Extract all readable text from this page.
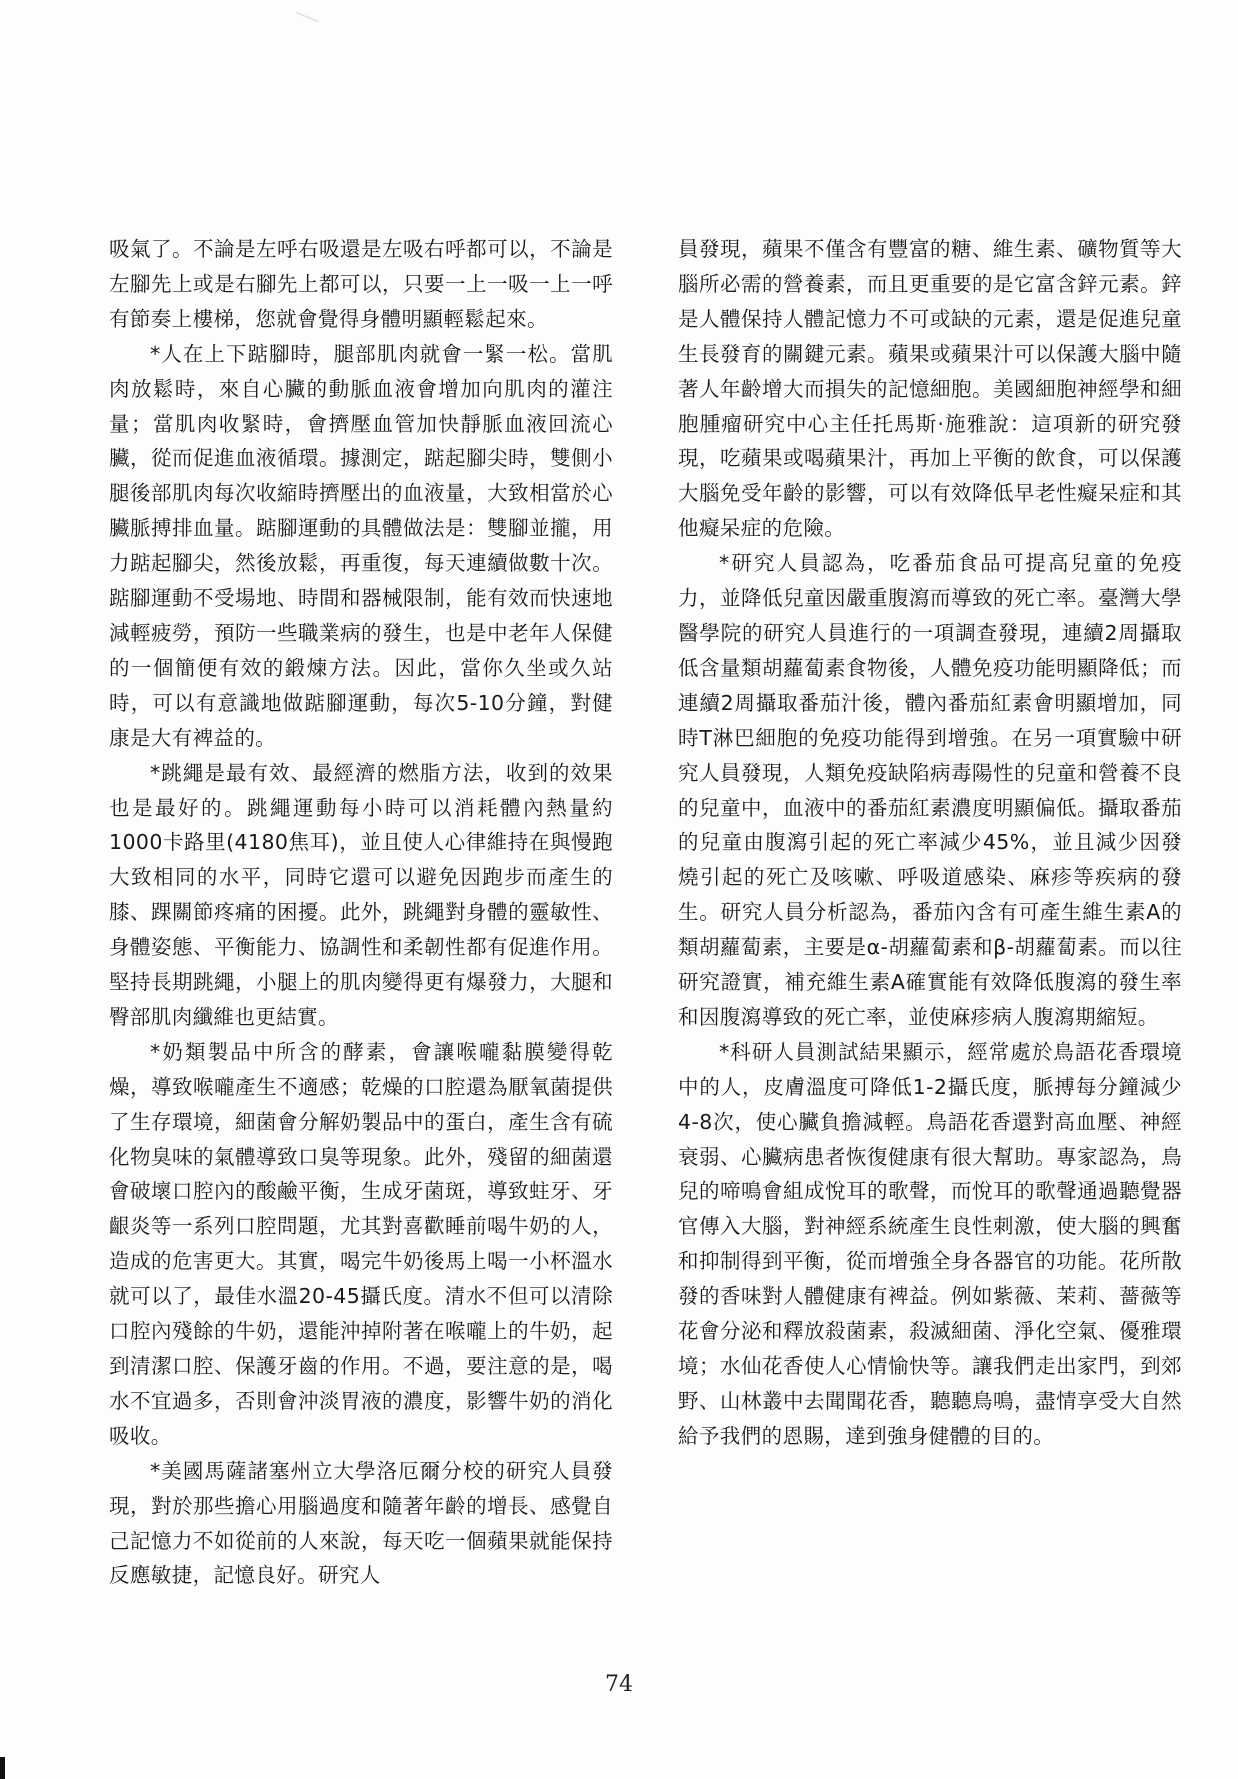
吸氣了。不論是左呼右吸還是左吸右呼都可以，不論是左腳先上或是右腳先上都可以，只要一上一吸一上一呼有節奏上樓梯，您就會覺得身體明顯輕鬆起來。

*人在上下踮腳時，腿部肌肉就會一緊一松。當肌肉放鬆時，來自心臟的動脈血液會增加向肌肉的灌注量；當肌肉收緊時，會擠壓血管加快靜脈血液回流心臟，從而促進血液循環。據測定，踮起腳尖時，雙側小腿後部肌肉每次收縮時擠壓出的血液量，大致相當於心臟脈搏排血量。踮腳運動的具體做法是：雙腳並攏，用力踮起腳尖，然後放鬆，再重復，每天連續做數十次。踮腳運動不受場地、時間和器械限制，能有效而快速地減輕疲勞，預防一些職業病的發生，也是中老年人保健的一個簡便有效的鍛煉方法。因此，當你久坐或久站時，可以有意識地做踮腳運動，每次5-10分鐘，對健康是大有裨益的。

*跳繩是最有效、最經濟的燃脂方法，收到的效果也是最好的。跳繩運動每小時可以消耗體內熱量約1000卡路里(4180焦耳)，並且使人心律維持在與慢跑大致相同的水平，同時它還可以避免因跑步而產生的膝、踝關節疼痛的困擾。此外，跳繩對身體的靈敏性、身體姿態、平衡能力、協調性和柔韌性都有促進作用。堅持長期跳繩，小腿上的肌肉變得更有爆發力，大腿和臀部肌肉纖維也更結實。

*奶類製品中所含的酵素，會讓喉嚨黏膜變得乾燥，導致喉嚨產生不適感；乾燥的口腔還為厭氧菌提供了生存環境，細菌會分解奶製品中的蛋白，產生含有硫化物臭味的氣體導致口臭等現象。此外，殘留的細菌還會破壞口腔內的酸鹼平衡，生成牙菌斑，導致蛀牙、牙齦炎等一系列口腔問題，尤其對喜歡睡前喝牛奶的人，造成的危害更大。其實，喝完牛奶後馬上喝一小杯溫水就可以了，最佳水溫20-45攝氏度。清水不但可以清除口腔內殘餘的牛奶，還能沖掉附著在喉嚨上的牛奶，起到清潔口腔、保護牙齒的作用。不過，要注意的是，喝水不宜過多，否則會沖淡胃液的濃度，影響牛奶的消化吸收。

*美國馬薩諸塞州立大學洛厄爾分校的研究人員發現，對於那些擔心用腦過度和隨著年齡的增長、感覺自己記憶力不如從前的人來說，每天吃一個蘋果就能保持反應敏捷，記憶良好。研究人

員發現，蘋果不僅含有豐富的糖、維生素、礦物質等大腦所必需的營養素，而且更重要的是它富含鋅元素。鋅是人體保持人體記憶力不可或缺的元素，還是促進兒童生長發育的關鍵元素。蘋果或蘋果汁可以保護大腦中隨著人年齡增大而損失的記憶細胞。美國細胞神經學和細胞腫瘤研究中心主任托馬斯·施雅說：這項新的研究發現，吃蘋果或喝蘋果汁，再加上平衡的飲食，可以保護大腦免受年齡的影響，可以有效降低早老性癡呆症和其他癡呆症的危險。

*研究人員認為，吃番茄食品可提高兒童的免疫力，並降低兒童因嚴重腹瀉而導致的死亡率。臺灣大學醫學院的研究人員進行的一項調查發現，連續2周攝取低含量類胡蘿蔔素食物後，人體免疫功能明顯降低；而連續2周攝取番茄汁後，體內番茄紅素會明顯增加，同時T淋巴細胞的免疫功能得到增強。在另一項實驗中研究人員發現，人類免疫缺陷病毒陽性的兒童和營養不良的兒童中，血液中的番茄紅素濃度明顯偏低。攝取番茄的兒童由腹瀉引起的死亡率減少45%，並且減少因發燒引起的死亡及咳嗽、呼吸道感染、麻疹等疾病的發生。研究人員分析認為，番茄內含有可產生維生素A的類胡蘿蔔素，主要是α-胡蘿蔔素和β-胡蘿蔔素。而以往研究證實，補充維生素A確實能有效降低腹瀉的發生率和因腹瀉導致的死亡率，並使麻疹病人腹瀉期縮短。

*科研人員測試結果顯示，經常處於鳥語花香環境中的人，皮膚溫度可降低1-2攝氏度，脈搏每分鐘減少4-8次，使心臟負擔減輕。鳥語花香還對高血壓、神經衰弱、心臟病患者恢復健康有很大幫助。專家認為，鳥兒的啼鳴會組成悅耳的歌聲，而悅耳的歌聲通過聽覺器官傳入大腦，對神經系統產生良性刺激，使大腦的興奮和抑制得到平衡，從而增強全身各器官的功能。花所散發的香味對人體健康有裨益。例如紫薇、茉莉、薔薇等花會分泌和釋放殺菌素，殺滅細菌、淨化空氣、優雅環境；水仙花香使人心情愉快等。讓我們走出家門，到郊野、山林叢中去聞聞花香，聽聽鳥鳴，盡情享受大自然給予我們的恩賜，達到強身健體的目的。

74
